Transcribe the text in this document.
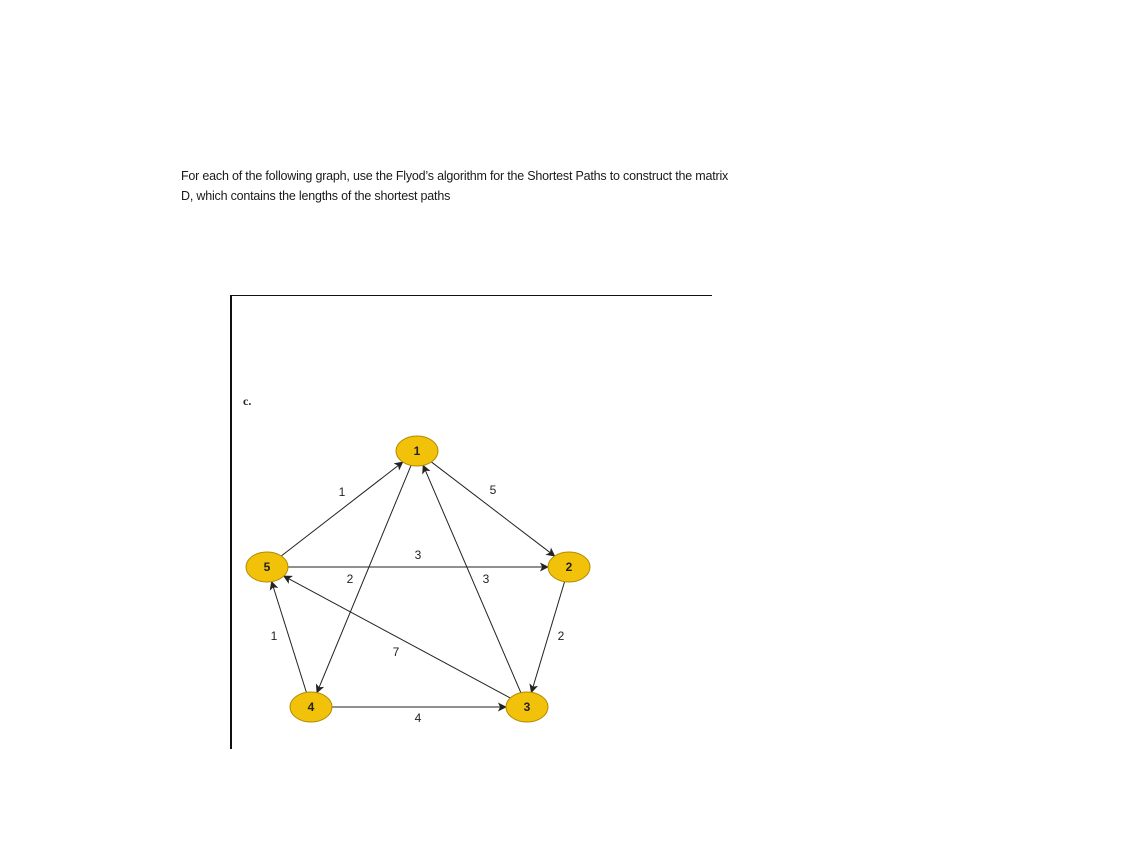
For each of the following graph, use the Flyod’s algorithm for the Shortest Paths to construct the matrix

D, which contains the lengths of the shortest paths

c.
5
2
1
3
2
3
7
1
4
1
2
3
4
5
